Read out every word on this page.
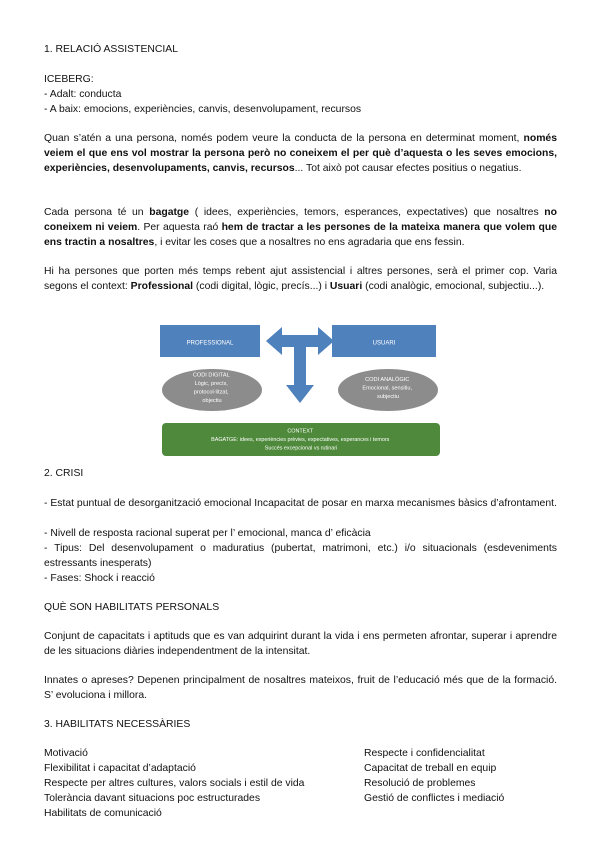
1. RELACIÓ ASSISTENCIAL
ICEBERG:
- Adalt: conducta
- A baix: emocions, experiències, canvis, desenvolupament, recursos

Quan s’atén a una persona, només podem veure la conducta de la persona en determinat moment, només veiem el que ens vol mostrar la persona però no coneixem el per què d’aquesta o les seves emocions, experiències, desenvolupaments, canvis, recursos... Tot això pot causar efectes positius o negatius.

Cada persona té un bagatge ( idees, experiències, temors, esperances, expectatives) que nosaltres no coneixem ni veiem. Per aquesta raó hem de tractar a les persones de la mateixa manera que volem que ens tractin a nosaltres, i evitar les coses que a nosaltres no ens agradaria que ens fessin.

Hi ha persones que porten més temps rebent ajut assistencial i altres persones, serà el primer cop. Varia segons el context: Professional (codi digital, lògic, precís...) i Usuari (codi analògic, emocional, subjectiu...).

PROFESSIONAL	USUARI
CODI DIGITAL Lògic, precís, protocol·litzat, objectiu
CODI ANALÒGIC Emocional, sensitiu, subjectiu
CONTEXT BAGATGE: idees, experiències prèvies, expectatives, esperances i temors Succés excepcional vs rutinari
2. CRISI

- Estat puntual de desorganització emocional Incapacitat de posar en marxa mecanismes bàsics d’afrontament.

- Nivell de resposta racional superat per l’ emocional, manca d’ eficàcia

- Tipus: Del desenvolupament o maduratius (pubertat, matrimoni, etc.) i/o situacionals (esdeveniments estressants inesperats)

- Fases: Shock i reacció

QUÈ SON HABILITATS PERSONALS

Conjunt de capacitats i aptituds que es van adquirint durant la vida i ens permeten afrontar, superar i aprendre de les situacions diàries independentment de la intensitat.

Innates o apreses? Depenen principalment de nosaltres mateixos, fruit de l’educació més que de la formació. S’ evoluciona i millora.

3. HABILITATS NECESSÀRIES
Motivació	Respecte i confidencialitat
Flexibilitat i capacitat d’adaptació	Capacitat de treball en equip
Respecte per altres cultures, valors socials i estil de vida	Resolució de problemes
Tolerància davant situacions poc estructurades	Gestió de conflictes i mediació
Habilitats de comunicació
